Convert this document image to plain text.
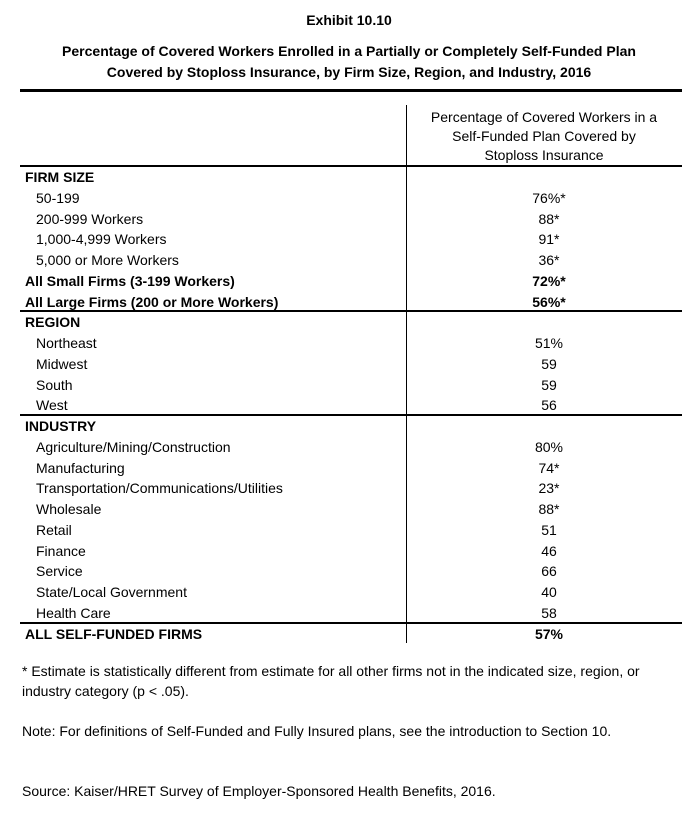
Exhibit 10.10
Percentage of Covered Workers Enrolled in a Partially or Completely Self-Funded Plan
Covered by Stoploss Insurance, by Firm Size, Region, and Industry, 2016
Percentage of Covered Workers in a
Self-Funded Plan Covered by
Stoploss Insurance
FIRM SIZE
50-199	76%*
200-999 Workers	88*
1,000-4,999 Workers	91*
5,000 or More Workers	36*
All Small Firms (3-199 Workers)	72%*
All Large Firms (200 or More Workers)	56%*
REGION
Northeast	51%
Midwest	59
South	59
West	56
INDUSTRY
Agriculture/Mining/Construction	80%
Manufacturing	74*
Transportation/Communications/Utilities	23*
Wholesale	88*
Retail	51
Finance	46
Service	66
State/Local Government	40
Health Care	58
ALL SELF-FUNDED FIRMS	57%
* Estimate is statistically different from estimate for all other firms not in the indicated size, region, or industry category (p < .05).
Note: For definitions of Self-Funded and Fully Insured plans, see the introduction to Section 10.
Source: Kaiser/HRET Survey of Employer-Sponsored Health Benefits, 2016.
